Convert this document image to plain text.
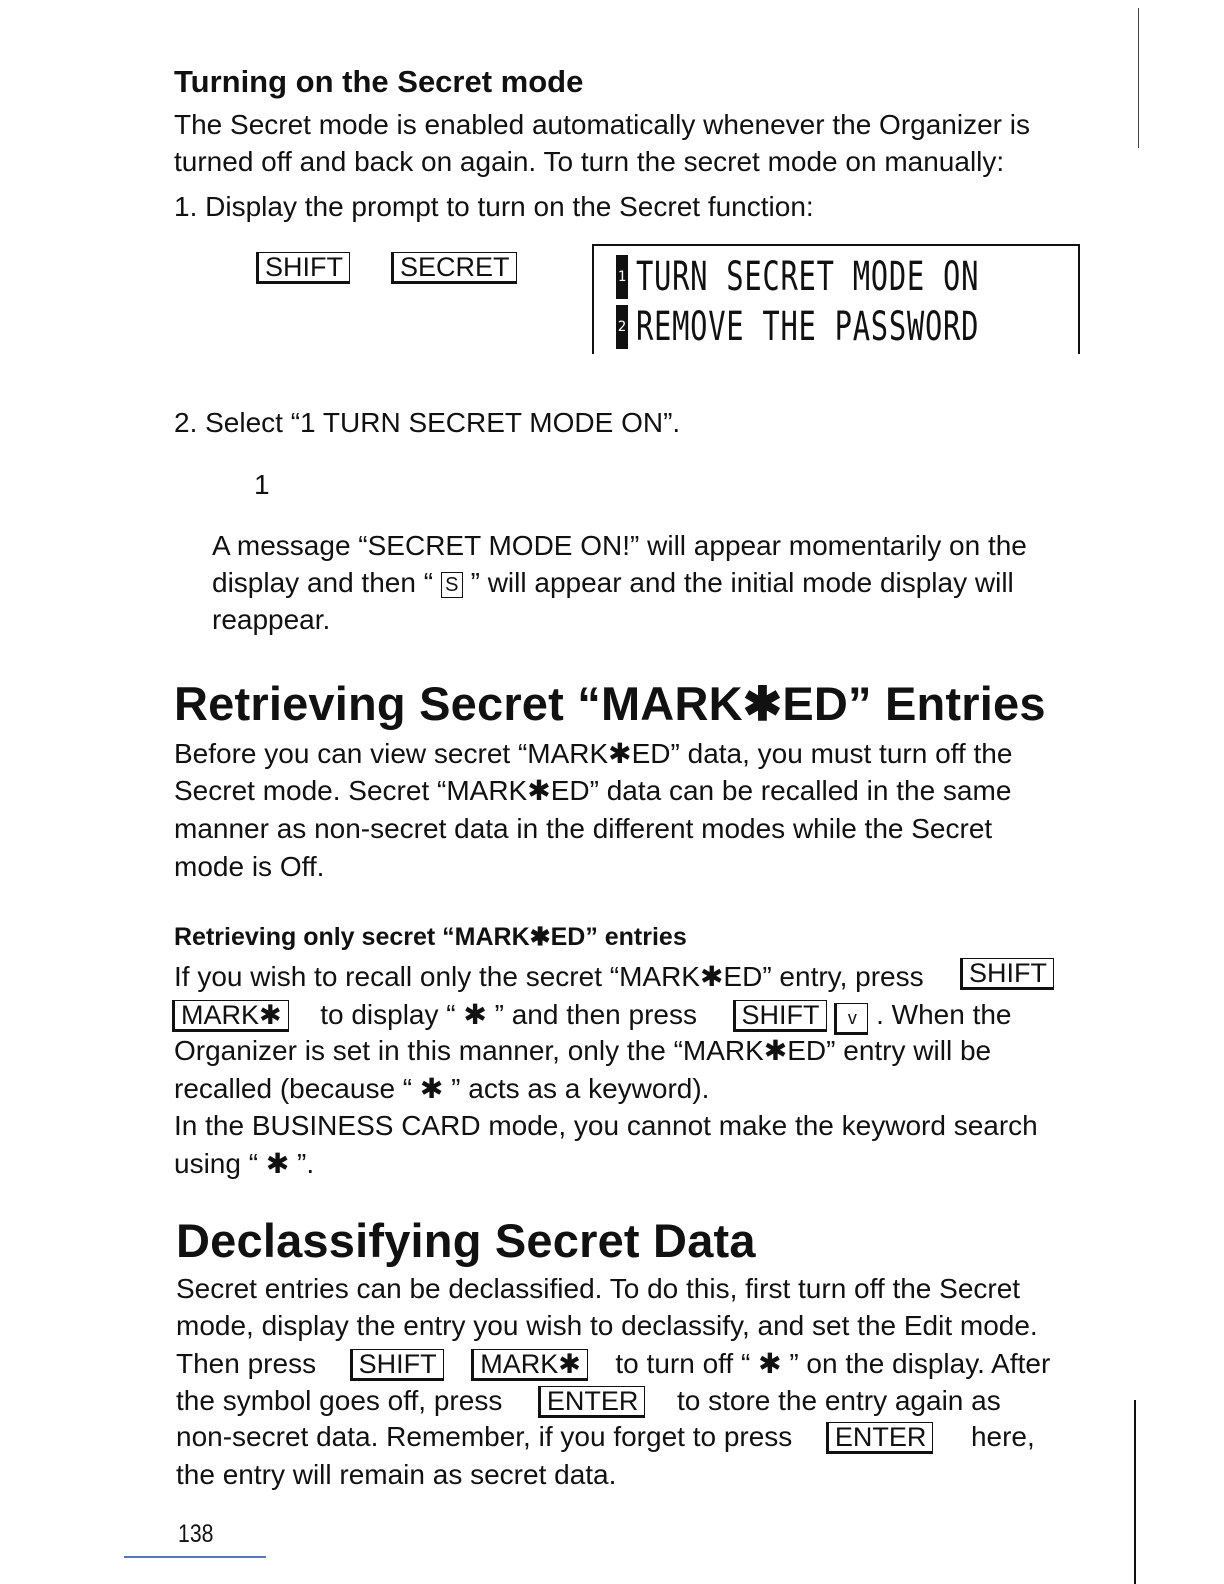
Turning on the Secret mode
The Secret mode is enabled automatically whenever the Organizer is
turned off and back on again. To turn the secret mode on manually:
1. Display the prompt to turn on the Secret function:
SHIFT SECRET	1 TURN SECRET MODE ON
2 REMOVE THE PASSWORD
2. Select “1 TURN SECRET MODE ON”.
1
A message “SECRET MODE ON!” will appear momentarily on the
display and then “ S ” will appear and the initial mode display will
reappear.
Retrieving Secret “MARK✱ED” Entries
Before you can view secret “MARK✱ED” data, you must turn off the
Secret mode. Secret “MARK✱ED” data can be recalled in the same
manner as non-secret data in the different modes while the Secret
mode is Off.
Retrieving only secret “MARK✱ED” entries
If you wish to recall only the secret “MARK✱ED” entry, press	SHIFT
MARK✱ to display “ ✱ ” and then press SHIFT v . When the
Organizer is set in this manner, only the “MARK✱ED” entry will be
recalled (because “ ✱ ” acts as a keyword).
In the BUSINESS CARD mode, you cannot make the keyword search
using “ ✱ ”.
Declassifying Secret Data
Secret entries can be declassified. To do this, first turn off the Secret
mode, display the entry you wish to declassify, and set the Edit mode.
Then press SHIFT MARK✱ to turn off “ ✱ ” on the display. After
the symbol goes off, press ENTER to store the entry again as
non-secret data. Remember, if you forget to press ENTER here,
the entry will remain as secret data.
138
